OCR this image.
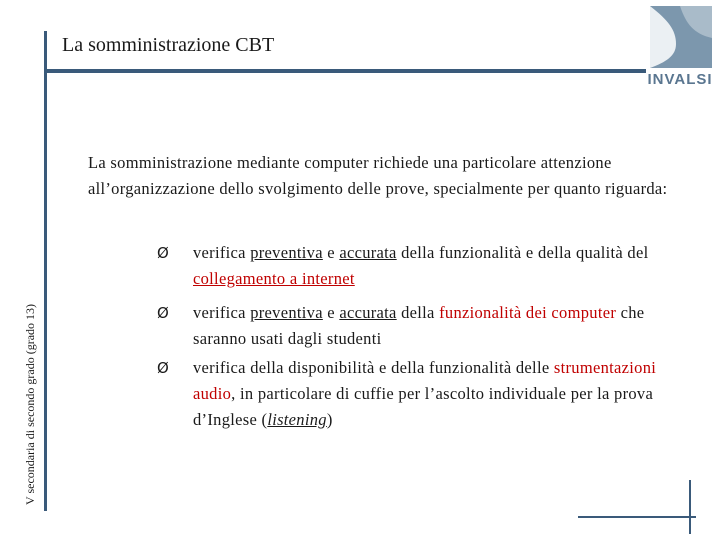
La somministrazione CBT
INVALSI
V secondaria di secondo grado (grado 13)
La somministrazione mediante computer richiede una particolare attenzione all’organizzazione dello svolgimento delle prove, specialmente per quanto riguarda:
Ø	verifica preventiva e accurata della funzionalità e della qualità del collegamento a internet
Ø	verifica preventiva e accurata della funzionalità dei computer che saranno usati dagli studenti
Ø	verifica della disponibilità e della funzionalità delle strumentazioni audio, in particolare di cuffie per l’ascolto individuale per la prova d’Inglese (listening)
